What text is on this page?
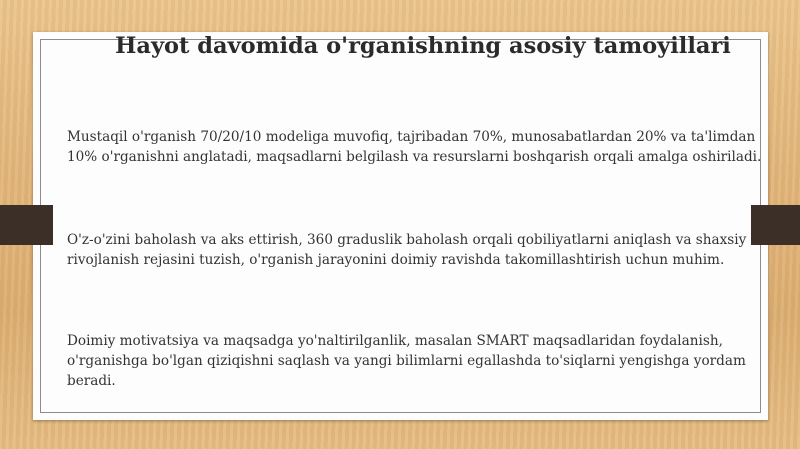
Hayot davomida o'rganishning asosiy tamoyillari

Mustaqil o'rganish 70/20/10 modeliga muvofiq, tajribadan 70%, munosabatlardan 20% va ta'limdan 10% o'rganishni anglatadi, maqsadlarni belgilash va resurslarni boshqarish orqali amalga oshiriladi.

O'z-o'zini baholash va aks ettirish, 360 graduslik baholash orqali qobiliyatlarni aniqlash va shaxsiy rivojlanish rejasini tuzish, o'rganish jarayonini doimiy ravishda takomillashtirish uchun muhim.

Doimiy motivatsiya va maqsadga yo'naltirilganlik, masalan SMART maqsadlaridan foydalanish, o'rganishga bo'lgan qiziqishni saqlash va yangi bilimlarni egallashda to'siqlarni yengishga yordam beradi.
